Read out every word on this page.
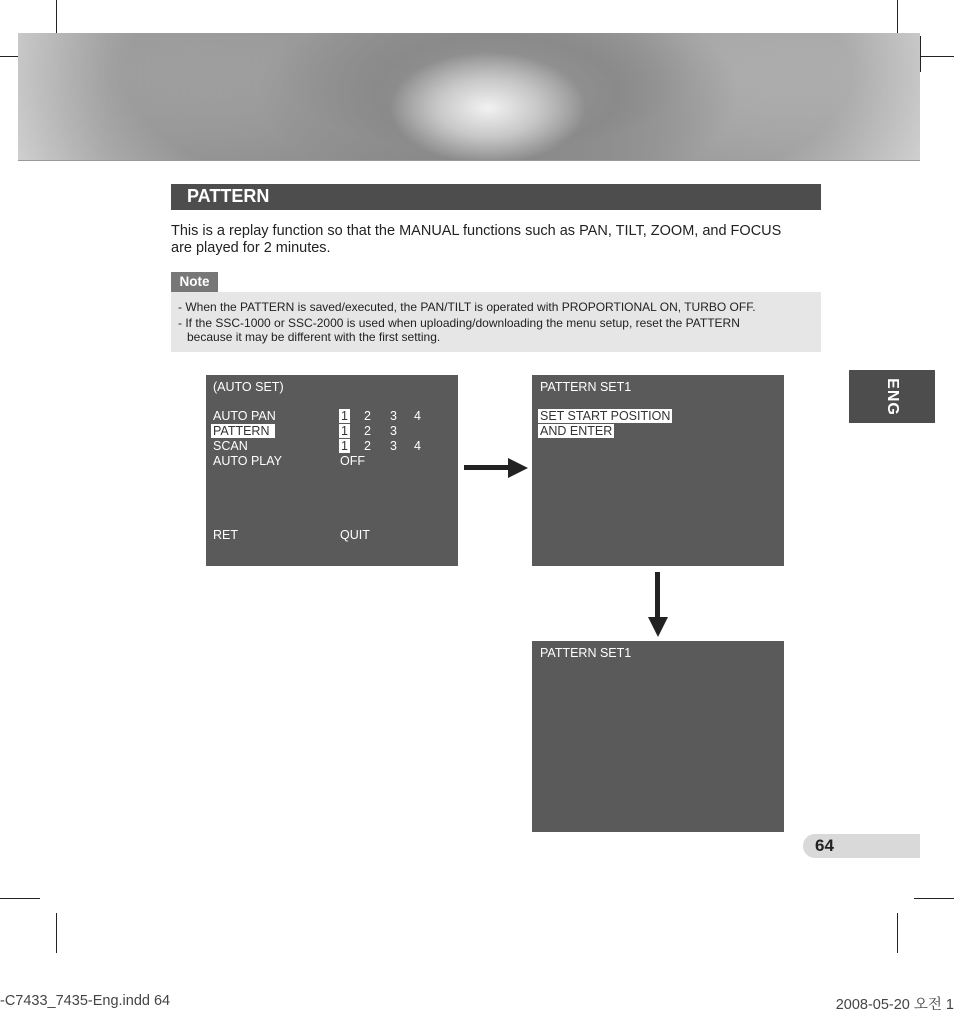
PATTERN
This is a replay function so that the MANUAL functions such as PAN, TILT, ZOOM, and FOCUS
are played for 2 minutes.
Note
- When the PATTERN is saved/executed, the PAN/TILT is operated with PROPORTIONAL ON, TURBO OFF.
- If the SSC-1000 or SSC-2000 is used when uploading/downloading the menu setup, reset the PATTERN
because it may be different with the first setting.
(AUTO SET)
AUTO PAN	1 2 3 4
PATTERN	1 2 3
SCAN	1 2 3 4
AUTO PLAY	OFF
RET	QUIT
PATTERN SET1
SET START POSITION
AND ENTER
PATTERN SET1
ENG
64
-C7433_7435-Eng.indd 64	2008-05-20 오전 1
